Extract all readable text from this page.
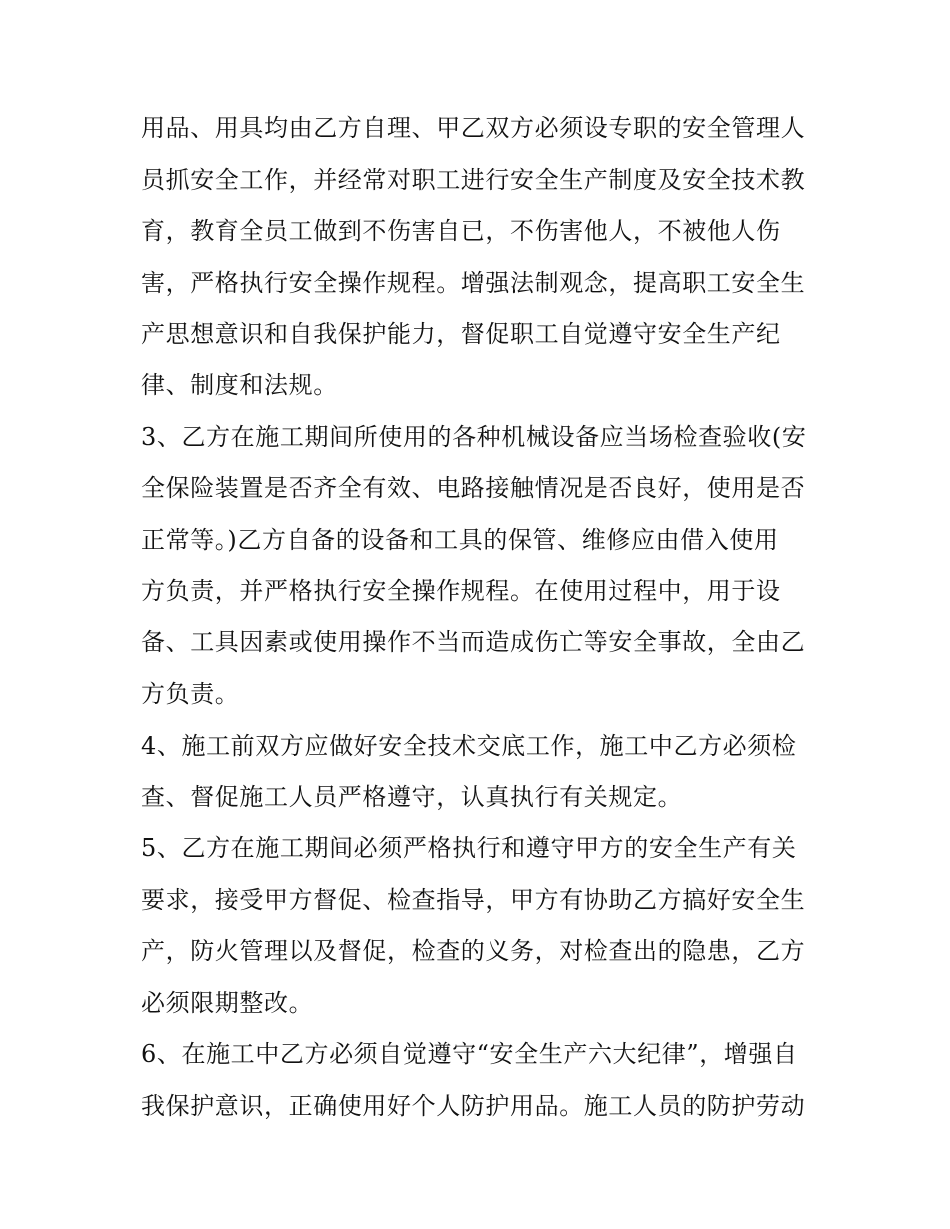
用品、用具均由乙方自理、甲乙双方必须设专职的安全管理人
员抓安全工作，并经常对职工进行安全生产制度及安全技术教
育，教育全员工做到不伤害自已，不伤害他人，不被他人伤
害，严格执行安全操作规程。增强法制观念，提高职工安全生
产思想意识和自我保护能力，督促职工自觉遵守安全生产纪
律、制度和法规。
3、乙方在施工期间所使用的各种机械设备应当场检查验收(安
全保险装置是否齐全有效、电路接触情况是否良好，使用是否
正常等。)乙方自备的设备和工具的保管、维修应由借入使用
方负责，并严格执行安全操作规程。在使用过程中，用于设
备、工具因素或使用操作不当而造成伤亡等安全事故，全由乙
方负责。
4、施工前双方应做好安全技术交底工作，施工中乙方必须检
查、督促施工人员严格遵守，认真执行有关规定。
5、乙方在施工期间必须严格执行和遵守甲方的安全生产有关
要求，接受甲方督促、检查指导，甲方有协助乙方搞好安全生
产，防火管理以及督促，检查的义务，对检查出的隐患，乙方
必须限期整改。
6、在施工中乙方必须自觉遵守“安全生产六大纪律”，增强自
我保护意识，正确使用好个人防护用品。施工人员的防护劳动
